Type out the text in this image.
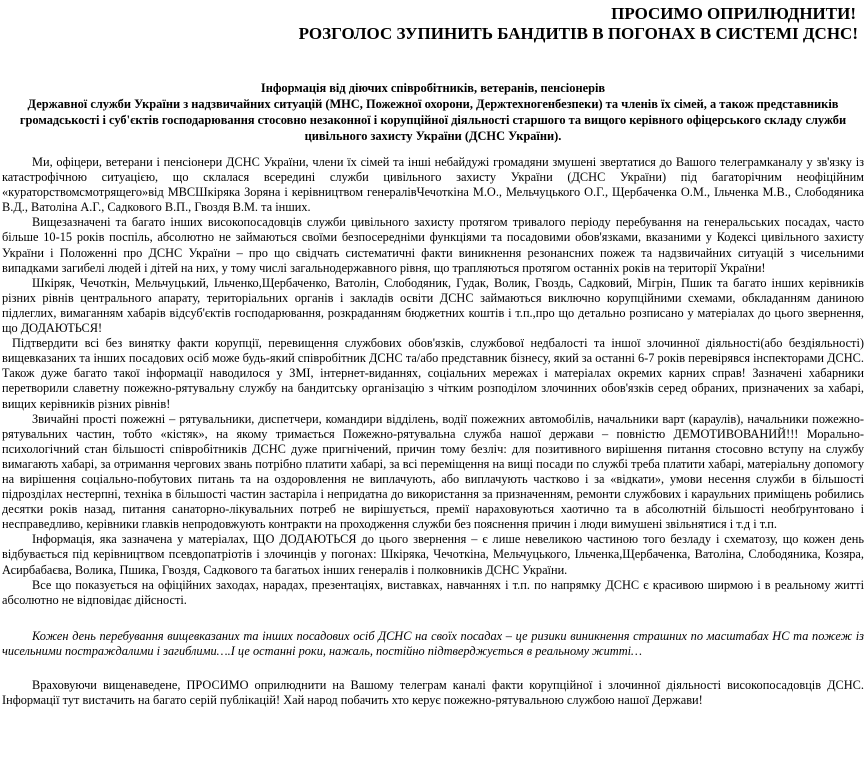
ПРОСИМО ОПРИЛЮДНИТИ!
РОЗГОЛОС ЗУПИНИТЬ БАНДИТІВ В ПОГОНАХ В СИСТЕМІ ДСНС!
Інформація від діючих співробітників, ветеранів, пенсіонерів
Державної служби України з надзвичайних ситуацій (МНС, Пожежної охорони, Держтехногенбезпеки) та членів їх сімей, а також представників громадськості і суб'єктів господарювання стосовно незаконної і корупційної діяльності старшого та вищого керівного офіцерського складу служби цивільного захисту України (ДСНС України).

Ми, офіцери, ветерани і пенсіонери ДСНС України, члени їх сімей та інші небайдужі громадяни змушені звертатися до Вашого телеграмканалу у зв'язку із катастрофічною ситуацією, що склалася всередині служби цивільного захисту України (ДСНС України) під багаторічним неофіційним «кураторствомсмотрящего»від МВСШкіряка Зоряна і керівництвом генералівЧечоткіна М.О., Мельчуцького О.Г., Щербаченка О.М., Ільченка М.В., Слободяника В.Д., Ватоліна А.Г., Садкового В.П., Гвоздя В.М. та інших.

Вищезазначені та багато інших високопосадовців служби цивільного захисту протягом тривалого періоду перебування на генеральських посадах, часто більше 10-15 років поспіль, абсолютно не займаються своїми безпосередніми функціями та посадовими обов'язками, вказаними у Кодексі цивільного захисту України і Положенні про ДСНС України – про що свідчать систематичні факти виникнення резонансних пожеж та надзвичайних ситуацій з чисельними випадками загибелі людей і дітей на них, у тому числі загальнодержавного рівня, що трапляються протягом останніх років на території України!

Шкіряк, Чечоткін, Мельчуцький, Ільченко,Щербаченко, Ватолін, Слободяник, Гудак, Волик, Гвоздь, Садковий, Мігрін, Пшик та багато інших керівників різних рівнів центрального апарату, територіальних органів і закладів освіти ДСНС займаються виключно корупційними схемами, обкладанням даниною підлеглих, вимаганням хабарів відсуб'єктів господарювання, розкраданням бюджетних коштів і т.п.,про що детально розписано у матеріалах до цього звернення, що ДОДАЮТЬСЯ!

Підтвердити всі без винятку факти корупції, перевищення службових обов'язків, службової недбалості та іншої злочинної діяльності(або бездіяльності) вищевказаних та інших посадових осіб може будь-який співробітник ДСНС та/або представник бізнесу, який за останні 6-7 років перевірявся інспекторами ДСНС. Також дуже багато такої інформації наводилося у ЗМІ, інтернет-виданнях, соціальних мережах і матеріалах окремих карних справ! Зазначені хабарники перетворили славетну пожежно-рятувальну службу на бандитську організацію з чітким розподілом злочинних обов'язків серед обраних, призначених за хабарі, вищих керівників різних рівнів!

Звичайні прості пожежні – рятувальники, диспетчери, командири відділень, водії пожежних автомобілів, начальники варт (караулів), начальники пожежно-рятувальних частин, тобто «кістяк», на якому тримається Пожежно-рятувальна служба нашої держави – повністю ДЕМОТИВОВАНИЙ!!! Морально-психологічний стан більшості співробітників ДСНС дуже пригнічений, причин тому безліч: для позитивного вирішення питання стосовно вступу на службу вимагають хабарі, за отримання чергових звань потрібно платити хабарі, за всі переміщення на вищі посади по службі треба платити хабарі, матеріальну допомогу на вирішення соціально-побутових питань та на оздоровлення не виплачують, або виплачують частково і за «відкати», умови несення служби в більшості підрозділах нестерпні, техніка в більшості частин застаріла і непридатна до використання за призначенням, ремонти службових і караульних приміщень робились десятки років назад, питання санаторно-лікувальних потреб не вирішується, премії нараховуються хаотично та в абсолютній більшості необґрунтовано і несправедливо, керівники главків непродовжують контракти на проходження служби без пояснення причин і люди вимушені звільнятися і т.д і т.п.

Інформація, яка зазначена у матеріалах, ЩО ДОДАЮТЬСЯ до цього звернення – є лише невеликою частиною того безладу і схематозу, що кожен день відбувається під керівництвом псевдопатріотів і злочинців у погонах: Шкіряка, Чечоткіна, Мельчуцького, Ільченка,Щербаченка, Ватоліна, Слободяника, Козяра, Асирбабаєва, Волика, Пшика, Гвоздя, Садкового та багатьох інших генералів і полковників ДСНС України.

Все що показується на офіційних заходах, нарадах, презентаціях, виставках, навчаннях і т.п. по напрямку ДСНС є красивою ширмою і в реальному житті абсолютно не відповідає дійсності.

Кожен день перебування вищевказаних та інших посадових осіб ДСНС на своїх посадах – це ризики виникнення страшних по масштабах НС та пожеж із чисельними постраждалими і загиблими….І це останні роки, нажаль, постійно підтверджується в реальному житті…

Враховуючи вищенаведене, ПРОСИМО оприлюднити на Вашому телеграм каналі факти корупційної і злочинної діяльності високопосадовців ДСНС. Інформації тут вистачить на багато серій публікацій! Хай народ побачить хто керує пожежно-рятувальною службою нашої Держави!
